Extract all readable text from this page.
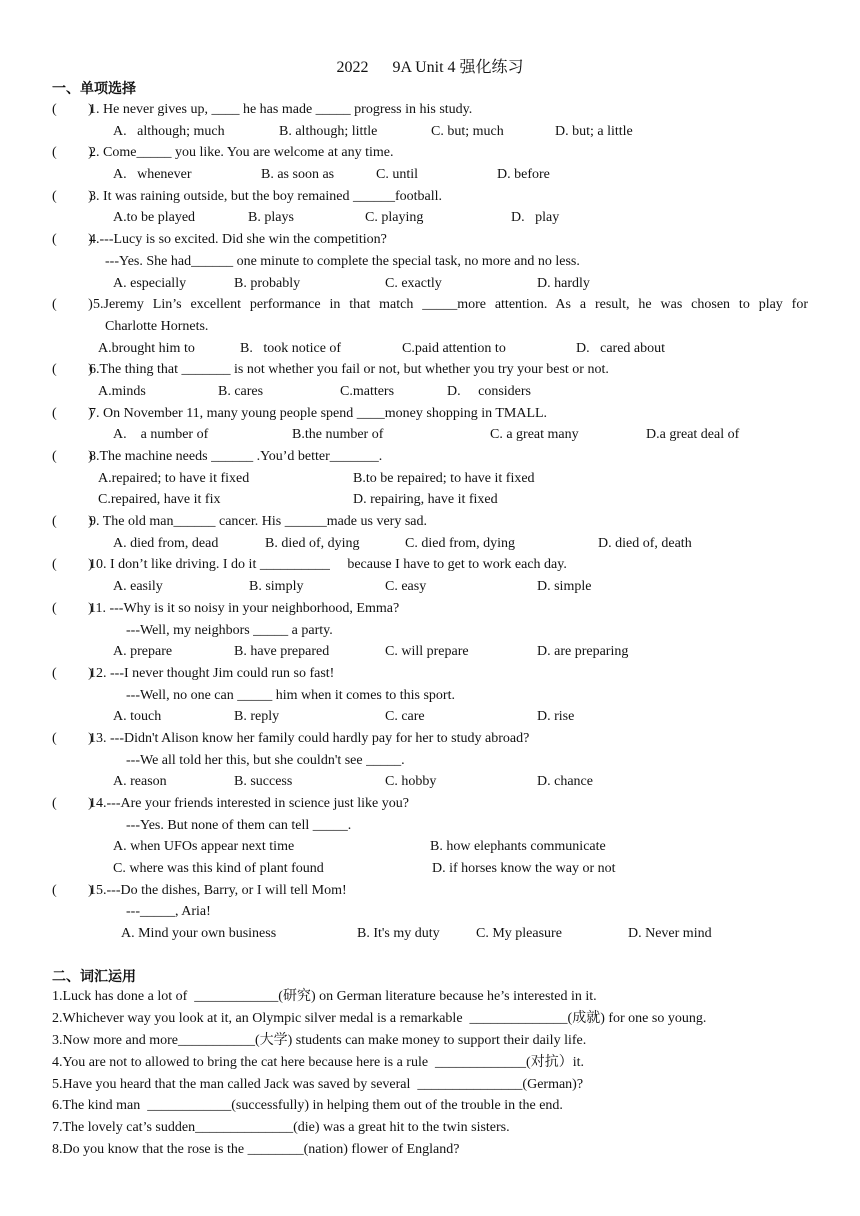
2022      9A Unit 4 强化练习
一、单项选择
(         )
1. He never gives up, ____ he has made _____ progress in his study.
A.   although; much	B. although; little	C. but; much	D. but; a little
(         )
2. Come_____ you like. You are welcome at any time.
A.   whenever	B. as soon as	C. until	D. before
(         )
3. It was raining outside, but the boy remained ______football.
A.to be played	B. plays	C. playing	D.   play
(         )
4.---Lucy is so excited. Did she win the competition?
---Yes. She had______ one minute to complete the special task, no more and no less.
A. especially	B. probably	C. exactly	D. hardly
(         ) 5.Jeremy Lin’s excellent performance in that match _____more attention. As a result, he was chosen to play for
Charlotte Hornets.
A.brought him to	B.   took notice of	C.paid attention to	D.   cared about
(         )
6.The thing that _______ is not whether you fail or not, but whether you try your best or not.
A.minds	B. cares	C.matters	D.     considers
(         )
7. On November 11, many young people spend ____money shopping in TMALL.
A.    a number of	B.the number of	C. a great many	D.a great deal of
(         )
8.The machine needs ______ .You’d better_______.
A.repaired; to have it fixed	B.to be repaired; to have it fixed
C.repaired, have it fix	D. repairing, have it fixed
(         )
9. The old man______ cancer. His ______made us very sad.
A. died from, dead	B. died of, dying	C. died from, dying	D. died of, death
(         )
10. I don’t like driving. I do it __________     because I have to get to work each day.
A. easily	B. simply	C. easy	D. simple
(         )
11. ---Why is it so noisy in your neighborhood, Emma?
---Well, my neighbors _____ a party.
A. prepare	B. have prepared	C. will prepare	D. are preparing
(         )
12. ---I never thought Jim could run so fast!
---Well, no one can _____ him when it comes to this sport.
A. touch	B. reply	C. care	D. rise
(         )
13. ---Didn't Alison know her family could hardly pay for her to study abroad?
---We all told her this, but she couldn't see _____.
A. reason	B. success	C. hobby	D. chance
(         )
14.---Are your friends interested in science just like you?
---Yes. But none of them can tell _____.
A. when UFOs appear next time	B. how elephants communicate
C. where was this kind of plant found	D. if horses know the way or not
(         )
15.---Do the dishes, Barry, or I will tell Mom!
---_____, Aria!
A. Mind your own business	B. It's my duty	C. My pleasure	D. Never mind
二、词汇运用
1.Luck has done a lot of  ____________(研究) on German literature because he’s interested in it.
2.Whichever way you look at it, an Olympic silver medal is a remarkable  ______________(成就) for one so young.
3.Now more and more___________(大学) students can make money to support their daily life.
4.You are not to allowed to bring the cat here because here is a rule  _____________(对抗）it.
5.Have you heard that the man called Jack was saved by several  _______________(German)?
6.The kind man  ____________(successfully) in helping them out of the trouble in the end.
7.The lovely cat’s sudden______________(die) was a great hit to the twin sisters.
8.Do you know that the rose is the ________(nation) flower of England?
